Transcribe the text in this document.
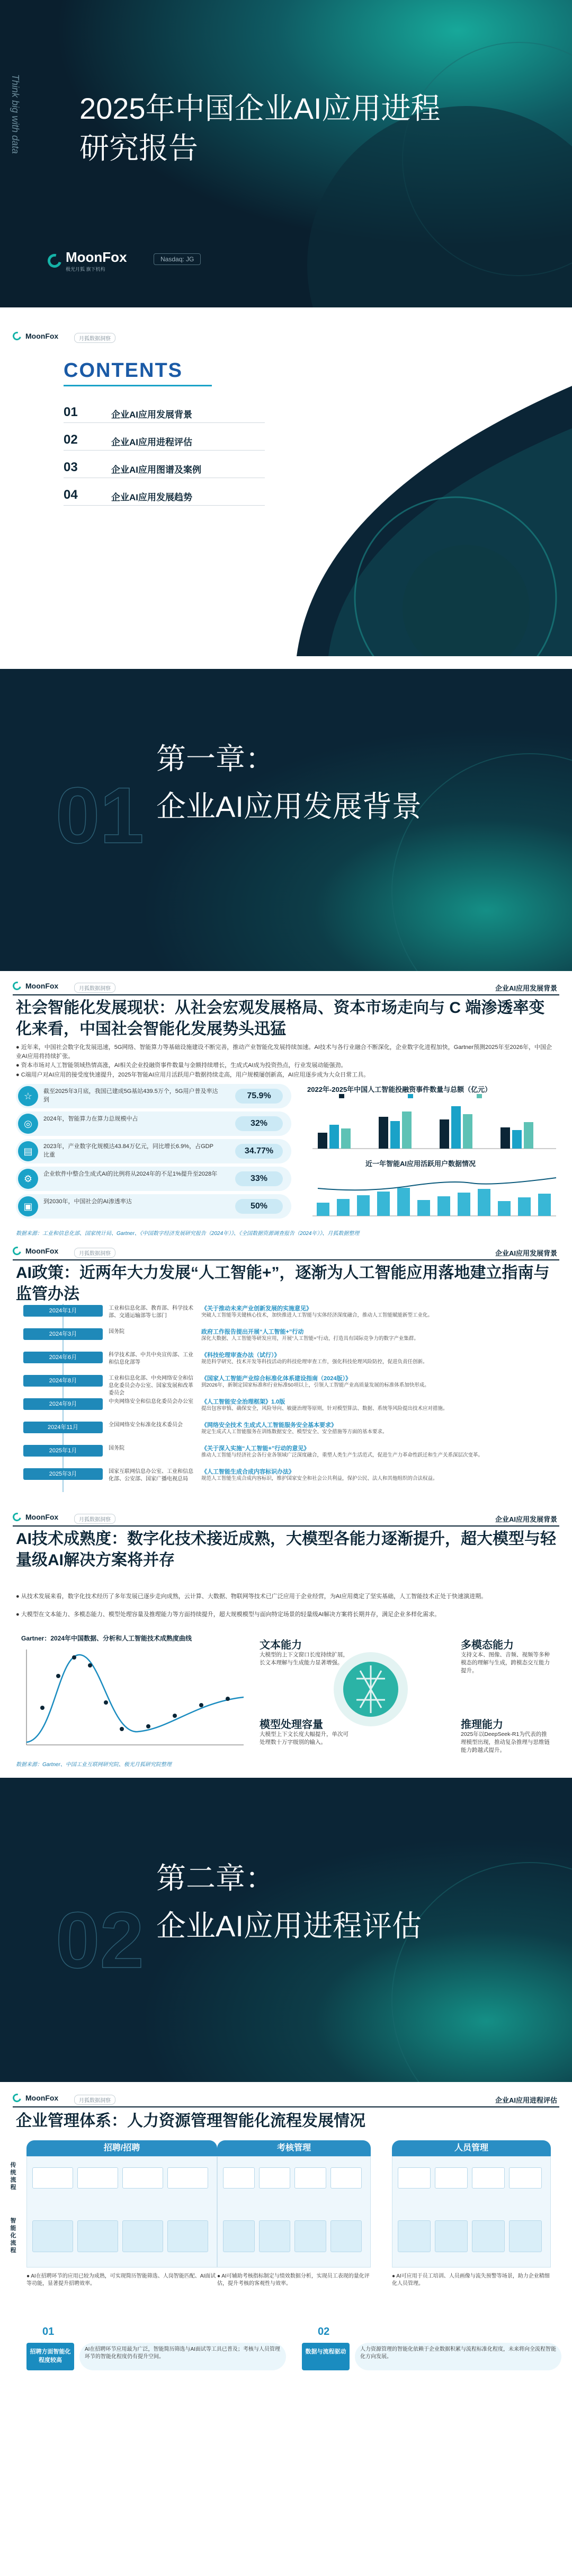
Think big with data 2025年中国企业AI应用进程
研究报告
MoonFox
极光月狐 旗下机构
Nasdaq: JG
MoonFox	月狐数据洞察
CONTENTS
01	企业AI应用发展背景
02	企业AI应用进程评估
03	企业AI应用图谱及案例
04	企业AI应用发展趋势
01
第一章：
企业AI应用发展背景
MoonFox	月狐数据洞察	企业AI应用发展背景
社会智能化发展现状：从社会宏观发展格局、资本市场走向与 C 端渗透率变化来看，中国社会智能化发展势头迅猛
● 近年来，中国社会数字化发展迅速，5G网络、智能算力等基础设施建设不断完善，推动产业智能化发展持续加速。AI技术与各行业融合不断深化，企业数字化进程加快，Gartner预测2025年至2026年，中国企业AI应用将持续扩张。
● 资本市场对人工智能领域热情高涨，AI相关企业投融资事件数量与金额持续增长，生成式AI成为投资热点，行业发展动能强劲。
● C端用户对AI应用的接受度快速提升，2025年智能AI应用月活跃用户数据持续走高，用户规模屡创新高，AI应用逐步成为大众日常工具。
☆	截至2025年3月底，我国已建成5G基站439.5万个，5G用户普及率达到	75.9%
◎	2024年，智能算力在算力总规模中占	32%
▤	2023年，产业数字化规模达43.84万亿元，同比增长6.9%，占GDP比重	34.77%
⚙	企业软件中整合生成式AI的比例将从2024年的不足1%提升至2028年	33%
▣	到2030年，中国社会的AI渗透率达	50%
2022年-2025年中国人工智能投融资事件数量与总额（亿元）
近一年智能AI应用活跃用户数据情况
数据来源：工业和信息化部、国家统计局、Gartner、《中国数字经济发展研究报告（2024年）》、《全国数据资源调查报告（2024年）》、月狐数据整理
MoonFox	月狐数据洞察	企业AI应用发展背景
AI政策：近两年大力发展“人工智能+”，逐渐为人工智能应用落地建立指南与监管办法
2024年1月	工业和信息化部、教育部、科学技术部、交通运输部等七部门
《关于推动未来产业创新发展的实施意见》
突破人工智能等关键核心技术，加快推进人工智能与实体经济深度融合，推动人工智能赋能新型工业化。
2024年3月	国务院	政府工作报告提出开展“人工智能+”行动
深化大数据、人工智能等研发应用，开展“人工智能+”行动，打造具有国际竞争力的数字产业集群。
2024年6月	科学技术部、中共中央宣传部、工业和信息化部等
《科技伦理审查办法（试行）》
规范科学研究、技术开发等科技活动的科技伦理审查工作，强化科技伦理风险防控，促进负责任创新。
2024年8月	工业和信息化部、中央网络安全和信息化委员会办公室、国家发展和改革委员会
《国家人工智能产业综合标准化体系建设指南（2024版）》
到2026年，新制定国家标准和行业标准50项以上，引领人工智能产业高质量发展的标准体系加快形成。
2024年9月	中央网络安全和信息化委员会办公室 《人工智能安全治理框架》1.0版
提出包容审慎、确保安全，风险导向、敏捷治理等原则，针对模型算法、数据、系统等风险提出技术应对措施。
2024年11月	全国网络安全标准化技术委员会	《网络安全技术 生成式人工智能服务安全基本要求》
规定生成式人工智能服务在训练数据安全、模型安全、安全措施等方面的基本要求。
2025年1月	国务院	《关于深入实施“人工智能+”行动的意见》
推动人工智能与经济社会各行业各领域广泛深度融合，重塑人类生产生活范式，促进生产力革命性跃迁和生产关系深层次变革。
2025年3月	国家互联网信息办公室、工业和信息化部、公安部、国家广播电视总局
《人工智能生成合成内容标识办法》
规范人工智能生成合成内容标识，维护国家安全和社会公共利益，保护公民、法人和其他组织的合法权益。
MoonFox	月狐数据洞察	企业AI应用发展背景
AI技术成熟度：数字化技术接近成熟，大模型各能力逐渐提升，超大模型与轻量级AI解决方案将并存
● 从技术发展来看，数字化技术经历了多年发展已逐步走向成熟，云计算、大数据、物联网等技术已广泛应用于企业经营，为AI应用奠定了坚实基础，人工智能技术正处于快速演进期。
● 大模型在文本能力、多模态能力、模型处理容量及推理能力等方面持续提升，超大规模模型与面向特定场景的轻量级AI解决方案将长期并存，满足企业多样化需求。
Gartner：2024年中国数据、分析和人工智能技术成熟度曲线
文本能力
大模型的上下文窗口长度持续扩展，长文本理解与生成能力显著增强。
多模态能力
支持文本、图像、音频、视频等多种模态的理解与生成，跨模态交互能力提升。
模型处理容量
大模型上下文长度大幅提升，单次可处理数十万字级别的输入。
推理能力
2025年以DeepSeek-R1为代表的推理模型出现，推动复杂推理与思维链能力跨越式提升。
数据来源：Gartner、中国工业互联网研究院、极光月狐研究院整理
02
第二章：
企业AI应用进程评估
MoonFox	月狐数据洞察	企业AI应用进程评估
企业管理体系：人力资源管理智能化流程发展情况
传统流程
智能化流程
招聘/招聘	考核管理	人员管理
● AI在招聘环节的应用已较为成熟，可实现简历智能筛选、人岗智能匹配、AI面试等功能，显著提升招聘效率。
● AI可辅助考核指标制定与绩效数据分析，实现员工表现的量化评估，提升考核的客观性与效率。
● AI可应用于员工培训、人员画像与流失预警等场景，助力企业精细化人员管理。
01
招聘方面智能化程度较高
AI在招聘环节应用最为广泛，智能简历筛选与AI面试等工具已普及；考核与人员管理环节的智能化程度仍有提升空间。
02
数据与流程驱动	人力资源管理的智能化依赖于企业数据积累与流程标准化程度，未来将向全流程智能化方向发展。
